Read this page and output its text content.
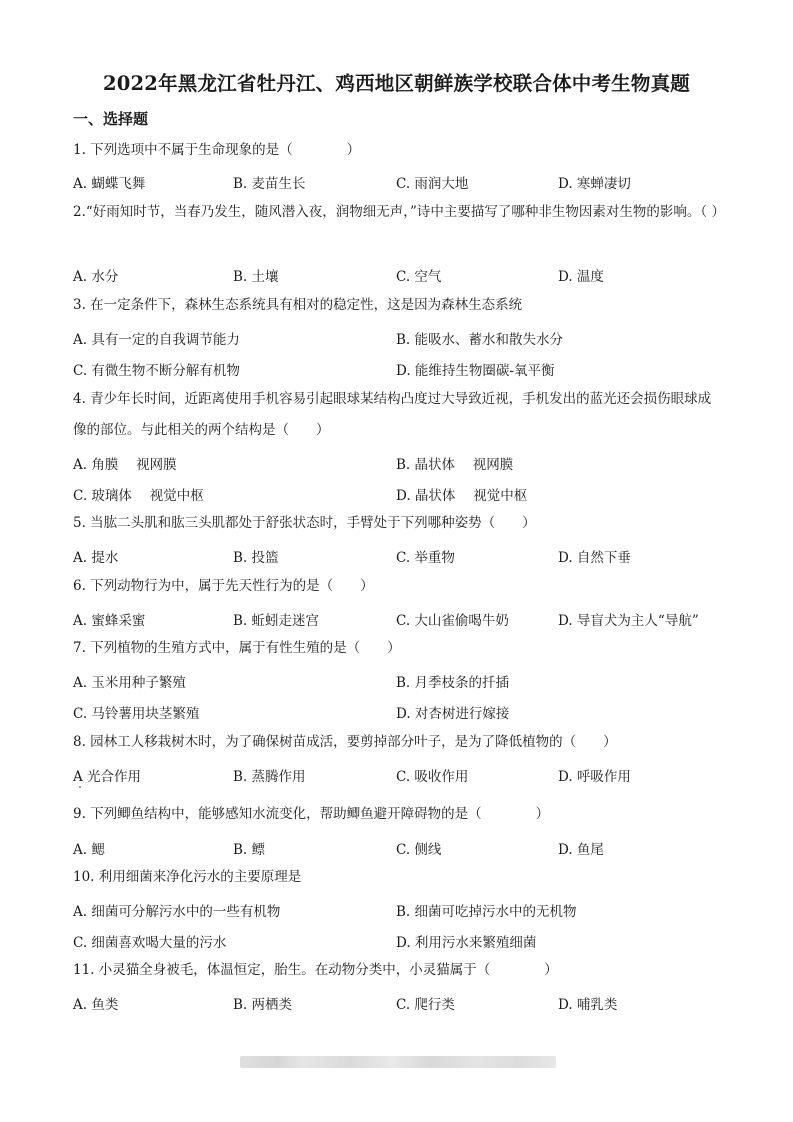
2022年黑龙江省牡丹江、鸡西地区朝鲜族学校联合体中考生物真题
一、选择题
1. 下列选项中不属于生命现象的是（　　　　）
A. 蝴蝶飞舞	B. 麦苗生长	C. 雨润大地	D. 寒蝉凄切
2.“好雨知时节，当春乃发生，随风潜入夜，润物细无声，”诗中主要描写了哪种非生物因素对生物的影响。（ ）
A. 水分	B. 土壤	C. 空气	D. 温度
3. 在一定条件下，森林生态系统具有相对的稳定性，这是因为森林生态系统
A. 具有一定的自我调节能力	B. 能吸水、蓄水和散失水分
C. 有微生物不断分解有机物	D. 能维持生物圈碳-氧平衡
4. 青少年长时间，近距离使用手机容易引起眼球某结构凸度过大导致近视，手机发出的蓝光还会损伤眼球成像的部位。与此相关的两个结构是（　　）
A. 角膜　 视网膜	B. 晶状体　 视网膜
C. 玻璃体　 视觉中枢	D. 晶状体　 视觉中枢
5. 当肱二头肌和肱三头肌都处于舒张状态时，手臂处于下列哪种姿势（　　）
A. 提水	B. 投篮	C. 举重物	D. 自然下垂
6. 下列动物行为中，属于先天性行为的是（　　）
A. 蜜蜂采蜜	B. 蚯蚓走迷宫	C. 大山雀偷喝牛奶	D. 导盲犬为主人“导航”
7. 下列植物的生殖方式中，属于有性生殖的是（　　）
A. 玉米用种子繁殖	B. 月季枝条的扦插
C. 马铃薯用块茎繁殖	D. 对杏树进行嫁接
8. 园林工人移栽树木时，为了确保树苗成活，要剪掉部分叶子，是为了降低植物的（　　）
A 光合作用	B. 蒸腾作用	C. 吸收作用	D. 呼吸作用
9. 下列鲫鱼结构中，能够感知水流变化，帮助鲫鱼避开障碍物的是（　　　　）
A. 鳃	B. 鳔	C. 侧线	D. 鱼尾
10. 利用细菌来净化污水的主要原理是
A. 细菌可分解污水中的一些有机物	B. 细菌可吃掉污水中的无机物
C. 细菌喜欢喝大量的污水	D. 利用污水来繁殖细菌
11. 小灵猫全身被毛，体温恒定，胎生。在动物分类中，小灵猫属于（　　　　）
A. 鱼类	B. 两栖类	C. 爬行类	D. 哺乳类
